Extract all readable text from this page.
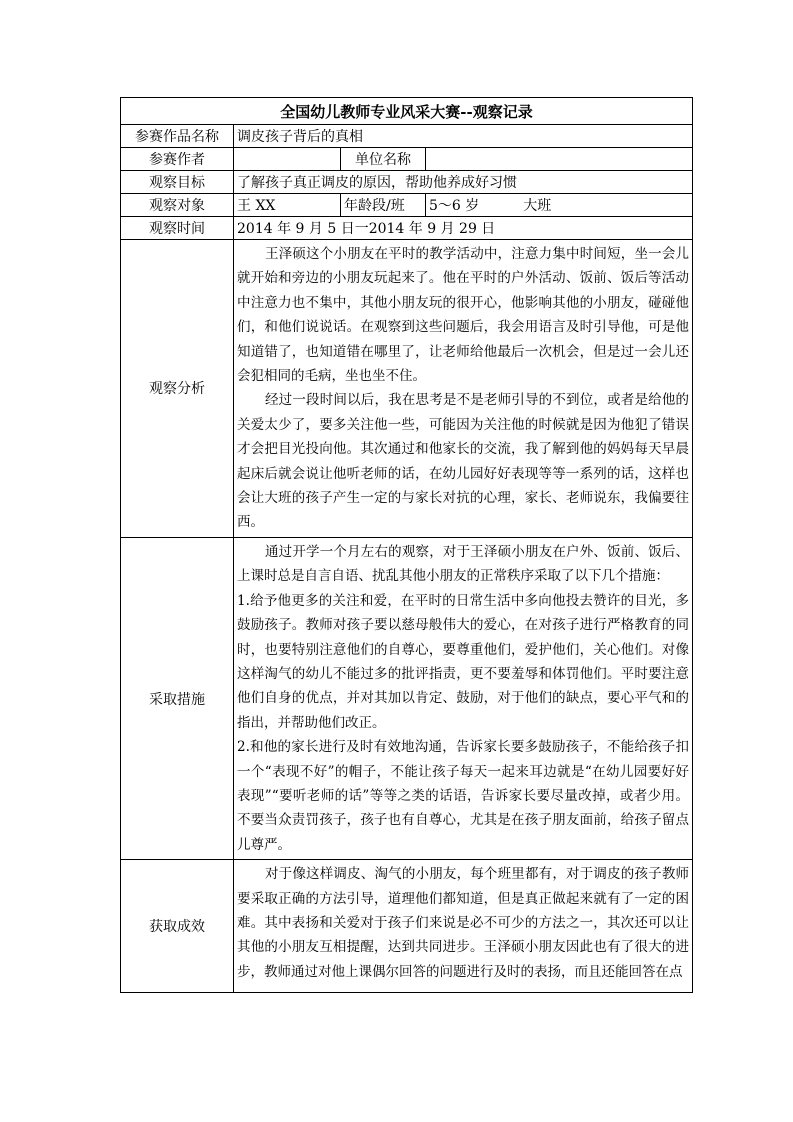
全国幼儿教师专业风采大赛--观察记录			
参赛作品名称	调皮孩子背后的真相		
参赛作者		单位名称	
观察目标	了解孩子真正调皮的原因，帮助他养成好习惯		
观察对象	王 XX	年龄段/班	5～6 岁 大班
观察时间	2014 年 9 月 5 日一2014 年 9 月 29 日		
观察分析	王泽硕这个小朋友在平时的教学活动中，注意力集中时间短，坐一会儿就开始和旁边的小朋友玩起来了。他在平时的户外活动、饭前、饭后等活动中注意力也不集中，其他小朋友玩的很开心，他影响其他的小朋友，碰碰他们，和他们说说话。在观察到这些问题后，我会用语言及时引导他，可是他知道错了，也知道错在哪里了，让老师给他最后一次机会，但是过一会儿还会犯相同的毛病，坐也坐不住。

经过一段时间以后，我在思考是不是老师引导的不到位，或者是给他的关爱太少了，要多关注他一些，可能因为关注他的时候就是因为他犯了错误才会把目光投向他。其次通过和他家长的交流，我了解到他的妈妈每天早晨起床后就会说让他听老师的话，在幼儿园好好表现等等一系列的话，这样也会让大班的孩子产生一定的与家长对抗的心理，家长、老师说东，我偏要往西。		

采取措施	通过开学一个月左右的观察，对于王泽硕小朋友在户外、饭前、饭后、上课时总是自言自语、扰乱其他小朋友的正常秩序采取了以下几个措施：

1.给予他更多的关注和爱，在平时的日常生活中多向他投去赞许的目光，多鼓励孩子。教师对孩子要以慈母般伟大的爱心，在对孩子进行严格教育的同时，也要特别注意他们的自尊心，要尊重他们，爱护他们，关心他们。对像这样淘气的幼儿不能过多的批评指责，更不要羞辱和体罚他们。平时要注意他们自身的优点，并对其加以肯定、鼓励，对于他们的缺点，要心平气和的指出，并帮助他们改正。

2.和他的家长进行及时有效地沟通，告诉家长要多鼓励孩子，不能给孩子扣一个“表现不好”的帽子，不能让孩子每天一起来耳边就是“在幼儿园要好好表现”“要听老师的话”等等之类的话语，告诉家长要尽量改掉，或者少用。不要当众责罚孩子，孩子也有自尊心，尤其是在孩子朋友面前，给孩子留点儿尊严。		

获取成效	对于像这样调皮、淘气的小朋友，每个班里都有，对于调皮的孩子教师要采取正确的方法引导，道理他们都知道，但是真正做起来就有了一定的困难。其中表扬和关爱对于孩子们来说是必不可少的方法之一，其次还可以让其他的小朋友互相提醒，达到共同进步。王泽硕小朋友因此也有了很大的进步，教师通过对他上课偶尔回答的问题进行及时的表扬，而且还能回答在点		
